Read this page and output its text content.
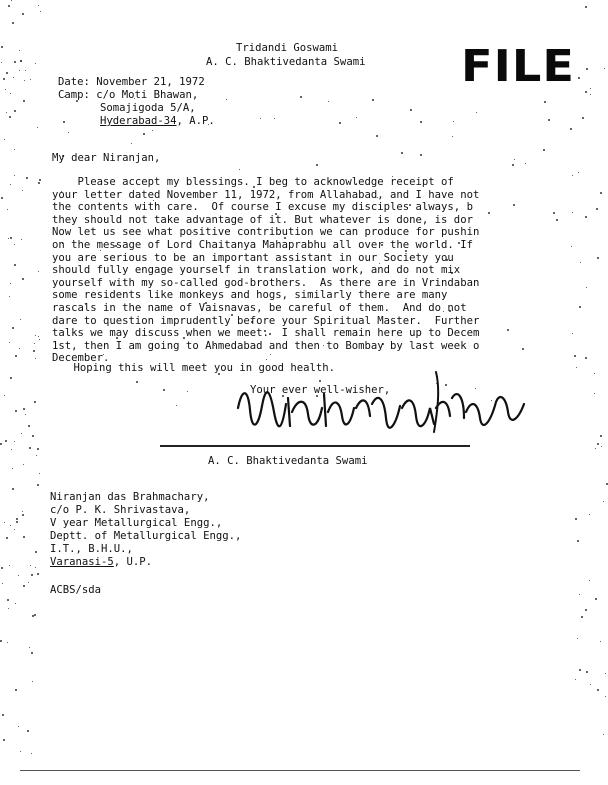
Tridandi Goswami
A. C. Bhaktivedanta Swami	FILE
Date: November 21, 1972
Camp: c/o Moti Bhawan,
Somajigoda 5/A,
Hyderabad-34, A.P.
My dear Niranjan,
Please accept my blessings. I beg to acknowledge receipt of
your letter dated November 11, 1972, from Allahabad, and I have not
the contents with care.  Of course I excuse my disciples always, b
they should not take advantage of it. But whatever is done, is dor
Now let us see what positive contribution we can produce for pushin
on the message of Lord Chaitanya Mahaprabhu all over the world. If
you are serious to be an important assistant in our Society you
should fully engage yourself in translation work, and do not mix
yourself with my so-called god-brothers.  As there are in Vrindaban
some residents like monkeys and hogs, similarly there are many
rascals in the name of Vaisnavas, be careful of them.  And do not
dare to question imprudently before your Spiritual Master.  Further
talks we may discuss when we meet.  I shall remain here up to Decem
1st, then I am going to Ahmedabad and then to Bombay by last week o
December.
Hoping this will meet you in good health.
Your ever well-wisher,
A. C. Bhaktivedanta Swami
Niranjan das Brahmachary,
c/o P. K. Shrivastava,
V year Metallurgical Engg.,
Deptt. of Metallurgical Engg.,
I.T., B.H.U.,
Varanasi-5, U.P.
ACBS/sda
